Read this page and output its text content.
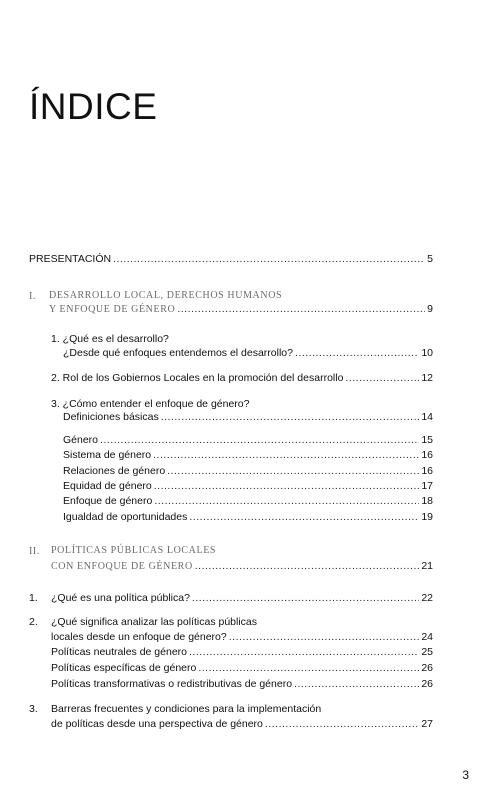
ÍNDICE
PRESENTACIÓN .....	5
I. DESARROLLO LOCAL, DERECHOS HUMANOS
Y ENFOQUE DE GÉNERO .....	9
1. ¿Qué es el desarrollo?
¿Desde qué enfoques entendemos el desarrollo? .....	10
2. Rol de los Gobiernos Locales en la promoción del desarrollo .....	12
3. ¿Cómo entender el enfoque de género?
Definiciones básicas .....	14
Género .....	15
Sistema de género .....	16
Relaciones de género .....	16
Equidad de género .....	17
Enfoque de género .....	18
Igualdad de oportunidades .....	19
II. POLÍTICAS PÚBLICAS LOCALES
CON ENFOQUE DE GÉNERO .....	21
1. ¿Qué es una política pública? .....	22
2. ¿Qué significa analizar las políticas públicas
locales desde un enfoque de género? .....	24
Políticas neutrales de género .....	25
Políticas específicas de género .....	26
Políticas transformativas o redistributivas de género .....	26
3. Barreras frecuentes y condiciones para la implementación
de políticas desde una perspectiva de género .....	27
3
